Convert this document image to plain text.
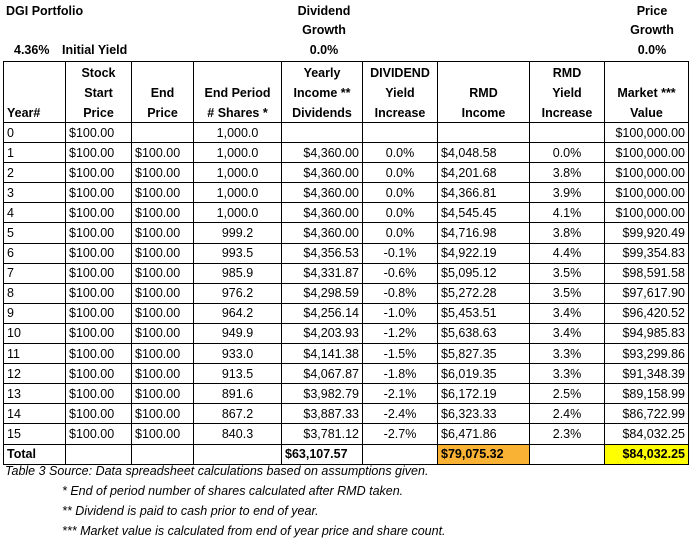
DGI Portfolio
4.36% Initial Yield
Dividend
Growth
0.0%
Price
Growth
0.0%
	Stock			Yearly	DIVIDEND		RMD	
	Start	End	End Period	Income **	Yield	RMD	Yield	Market ***
Year#	Price	Price	# Shares *	Dividends	Increase	Income	Increase	Value
0	$100.00		1,000.0					$100,000.00
1	$100.00	$100.00	1,000.0	$4,360.00	0.0%	$4,048.58	0.0%	$100,000.00
2	$100.00	$100.00	1,000.0	$4,360.00	0.0%	$4,201.68	3.8%	$100,000.00
3	$100.00	$100.00	1,000.0	$4,360.00	0.0%	$4,366.81	3.9%	$100,000.00
4	$100.00	$100.00	1,000.0	$4,360.00	0.0%	$4,545.45	4.1%	$100,000.00
5	$100.00	$100.00	999.2	$4,360.00	0.0%	$4,716.98	3.8%	$99,920.49
6	$100.00	$100.00	993.5	$4,356.53	-0.1%	$4,922.19	4.4%	$99,354.83
7	$100.00	$100.00	985.9	$4,331.87	-0.6%	$5,095.12	3.5%	$98,591.58
8	$100.00	$100.00	976.2	$4,298.59	-0.8%	$5,272.28	3.5%	$97,617.90
9	$100.00	$100.00	964.2	$4,256.14	-1.0%	$5,453.51	3.4%	$96,420.52
10	$100.00	$100.00	949.9	$4,203.93	-1.2%	$5,638.63	3.4%	$94,985.83
11	$100.00	$100.00	933.0	$4,141.38	-1.5%	$5,827.35	3.3%	$93,299.86
12	$100.00	$100.00	913.5	$4,067.87	-1.8%	$6,019.35	3.3%	$91,348.39
13	$100.00	$100.00	891.6	$3,982.79	-2.1%	$6,172.19	2.5%	$89,158.99
14	$100.00	$100.00	867.2	$3,887.33	-2.4%	$6,323.33	2.4%	$86,722.99
15	$100.00	$100.00	840.3	$3,781.12	-2.7%	$6,471.86	2.3%	$84,032.25
Total				$63,107.57		$79,075.32		$84,032.25
Table 3 Source: Data spreadsheet calculations based on assumptions given.
* End of period number of shares calculated after RMD taken.
** Dividend is paid to cash prior to end of year.
*** Market value is calculated from end of year price and share count.
